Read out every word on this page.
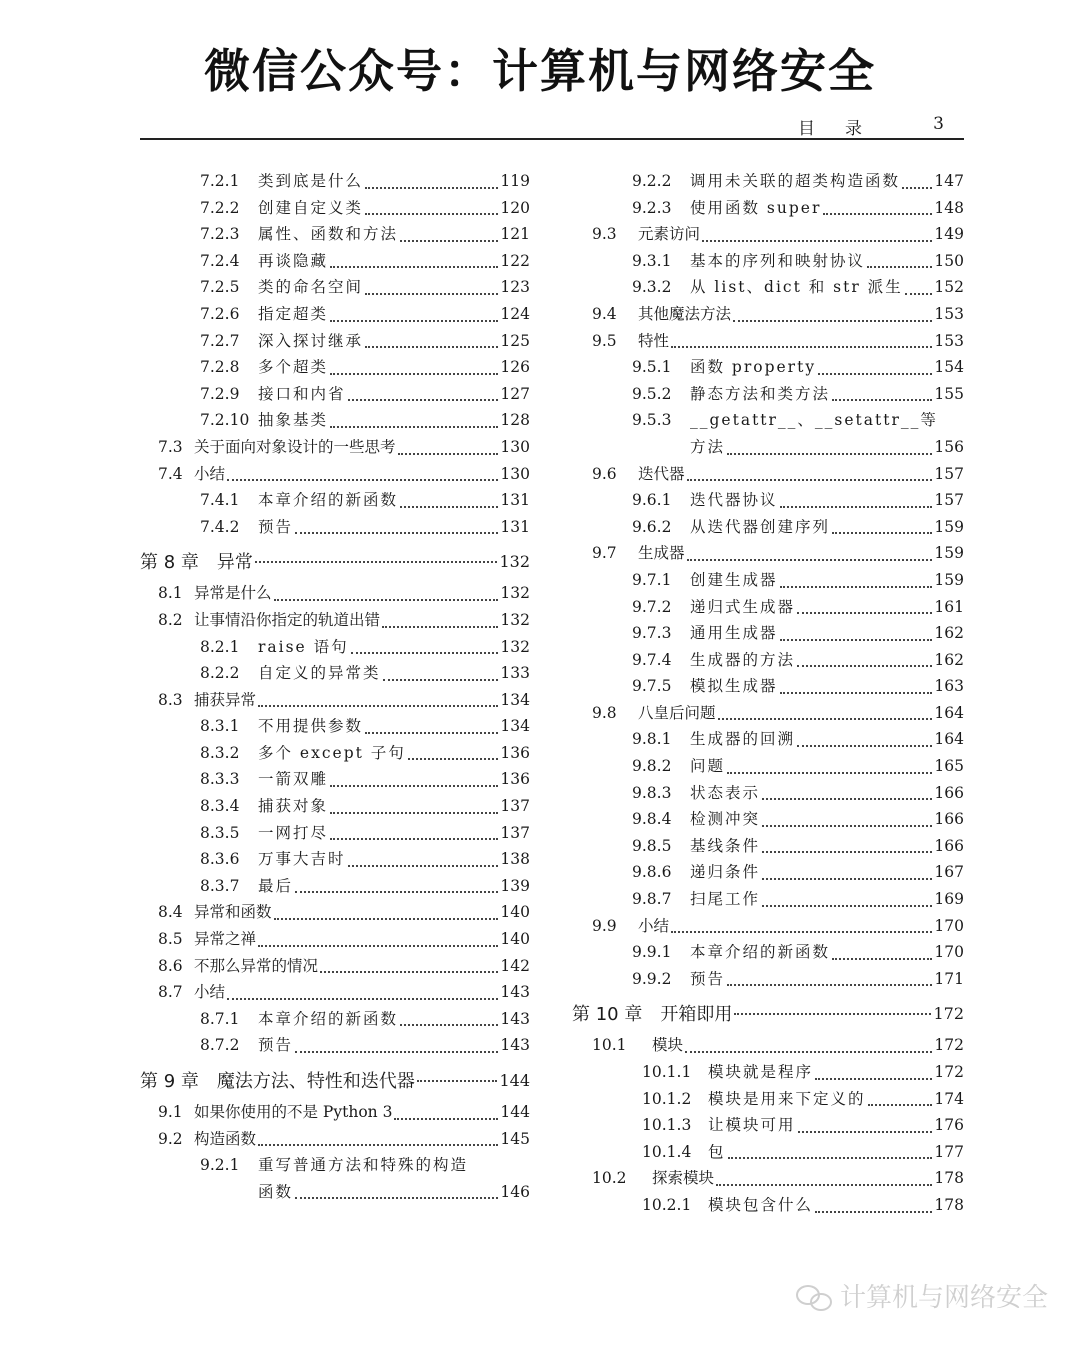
微信公众号：计算机与网络安全
目录 3
7.2.1	类到底是什么	119
7.2.2	创建自定义类	120
7.2.3	属性、函数和方法	121
7.2.4	再谈隐藏	122
7.2.5	类的命名空间	123
7.2.6	指定超类	124
7.2.7	深入探讨继承	125
7.2.8	多个超类	126
7.2.9	接口和内省	127
7.2.10 抽象基类	128
7.3 关于面向对象设计的一些思考	130
7.4 小结	130
7.4.1	本章介绍的新函数	131
7.4.2	预告	131
第 8 章	异常	132
8.1 异常是什么	132
8.2 让事情沿你指定的轨道出错	132
8.2.1	raise 语句	132
8.2.2	自定义的异常类	133
8.3 捕获异常	134
8.3.1	不用提供参数	134
8.3.2	多个 except 子句	136
8.3.3	一箭双雕	136
8.3.4	捕获对象	137
8.3.5	一网打尽	137
8.3.6	万事大吉时	138
8.3.7	最后	139
8.4 异常和函数	140
8.5 异常之禅	140
8.6 不那么异常的情况	142
8.7 小结	143
8.7.1	本章介绍的新函数	143
8.7.2	预告	143
第 9 章	魔法方法、特性和迭代器	144
9.1 如果你使用的不是 Python 3	144
9.2 构造函数	145
9.2.1	重写普通方法和特殊的构造
函数	146
9.2.2	调用未关联的超类构造函数 147
9.2.3	使用函数 super	148
9.3	元素访问	149
9.3.1	基本的序列和映射协议	150
9.3.2	从 list、dict 和 str 派生 152
9.4	其他魔法方法	153
9.5	特性	153
9.5.1	函数 property	154
9.5.2	静态方法和类方法	155
9.5.3	__getattr__、__setattr__等
方法	156
9.6	迭代器	157
9.6.1	迭代器协议	157
9.6.2	从迭代器创建序列	159
9.7	生成器	159
9.7.1	创建生成器	159
9.7.2	递归式生成器	161
9.7.3	通用生成器	162
9.7.4	生成器的方法	162
9.7.5	模拟生成器	163
9.8	八皇后问题	164
9.8.1	生成器的回溯	164
9.8.2	问题	165
9.8.3	状态表示	166
9.8.4	检测冲突	166
9.8.5	基线条件	166
9.8.6	递归条件	167
9.8.7	扫尾工作	169
9.9	小结	170
9.9.1	本章介绍的新函数	170
9.9.2	预告	171
第 10 章	开箱即用	172
10.1	模块	172
10.1.1	模块就是程序	172
10.1.2	模块是用来下定义的	174
10.1.3	让模块可用	176
10.1.4	包	177
10.2	探索模块	178
10.2.1	模块包含什么	178
计算机与网络安全
